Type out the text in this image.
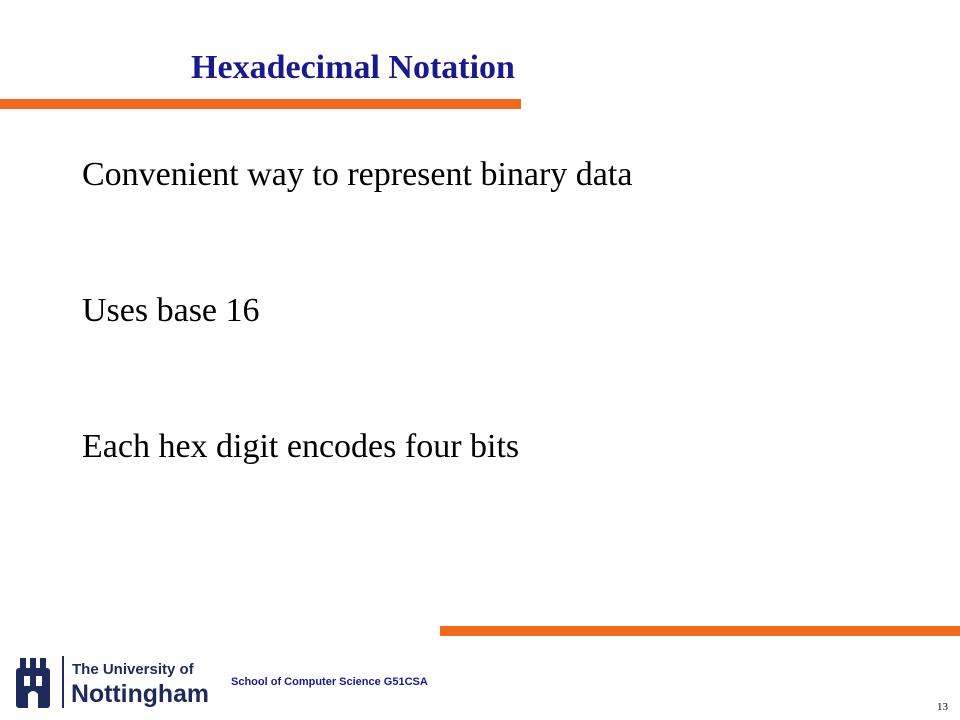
Hexadecimal Notation
Convenient way to represent binary data
Uses base 16
Each hex digit encodes four bits
The University of
Nottingham School of Computer Science G51CSA
13
